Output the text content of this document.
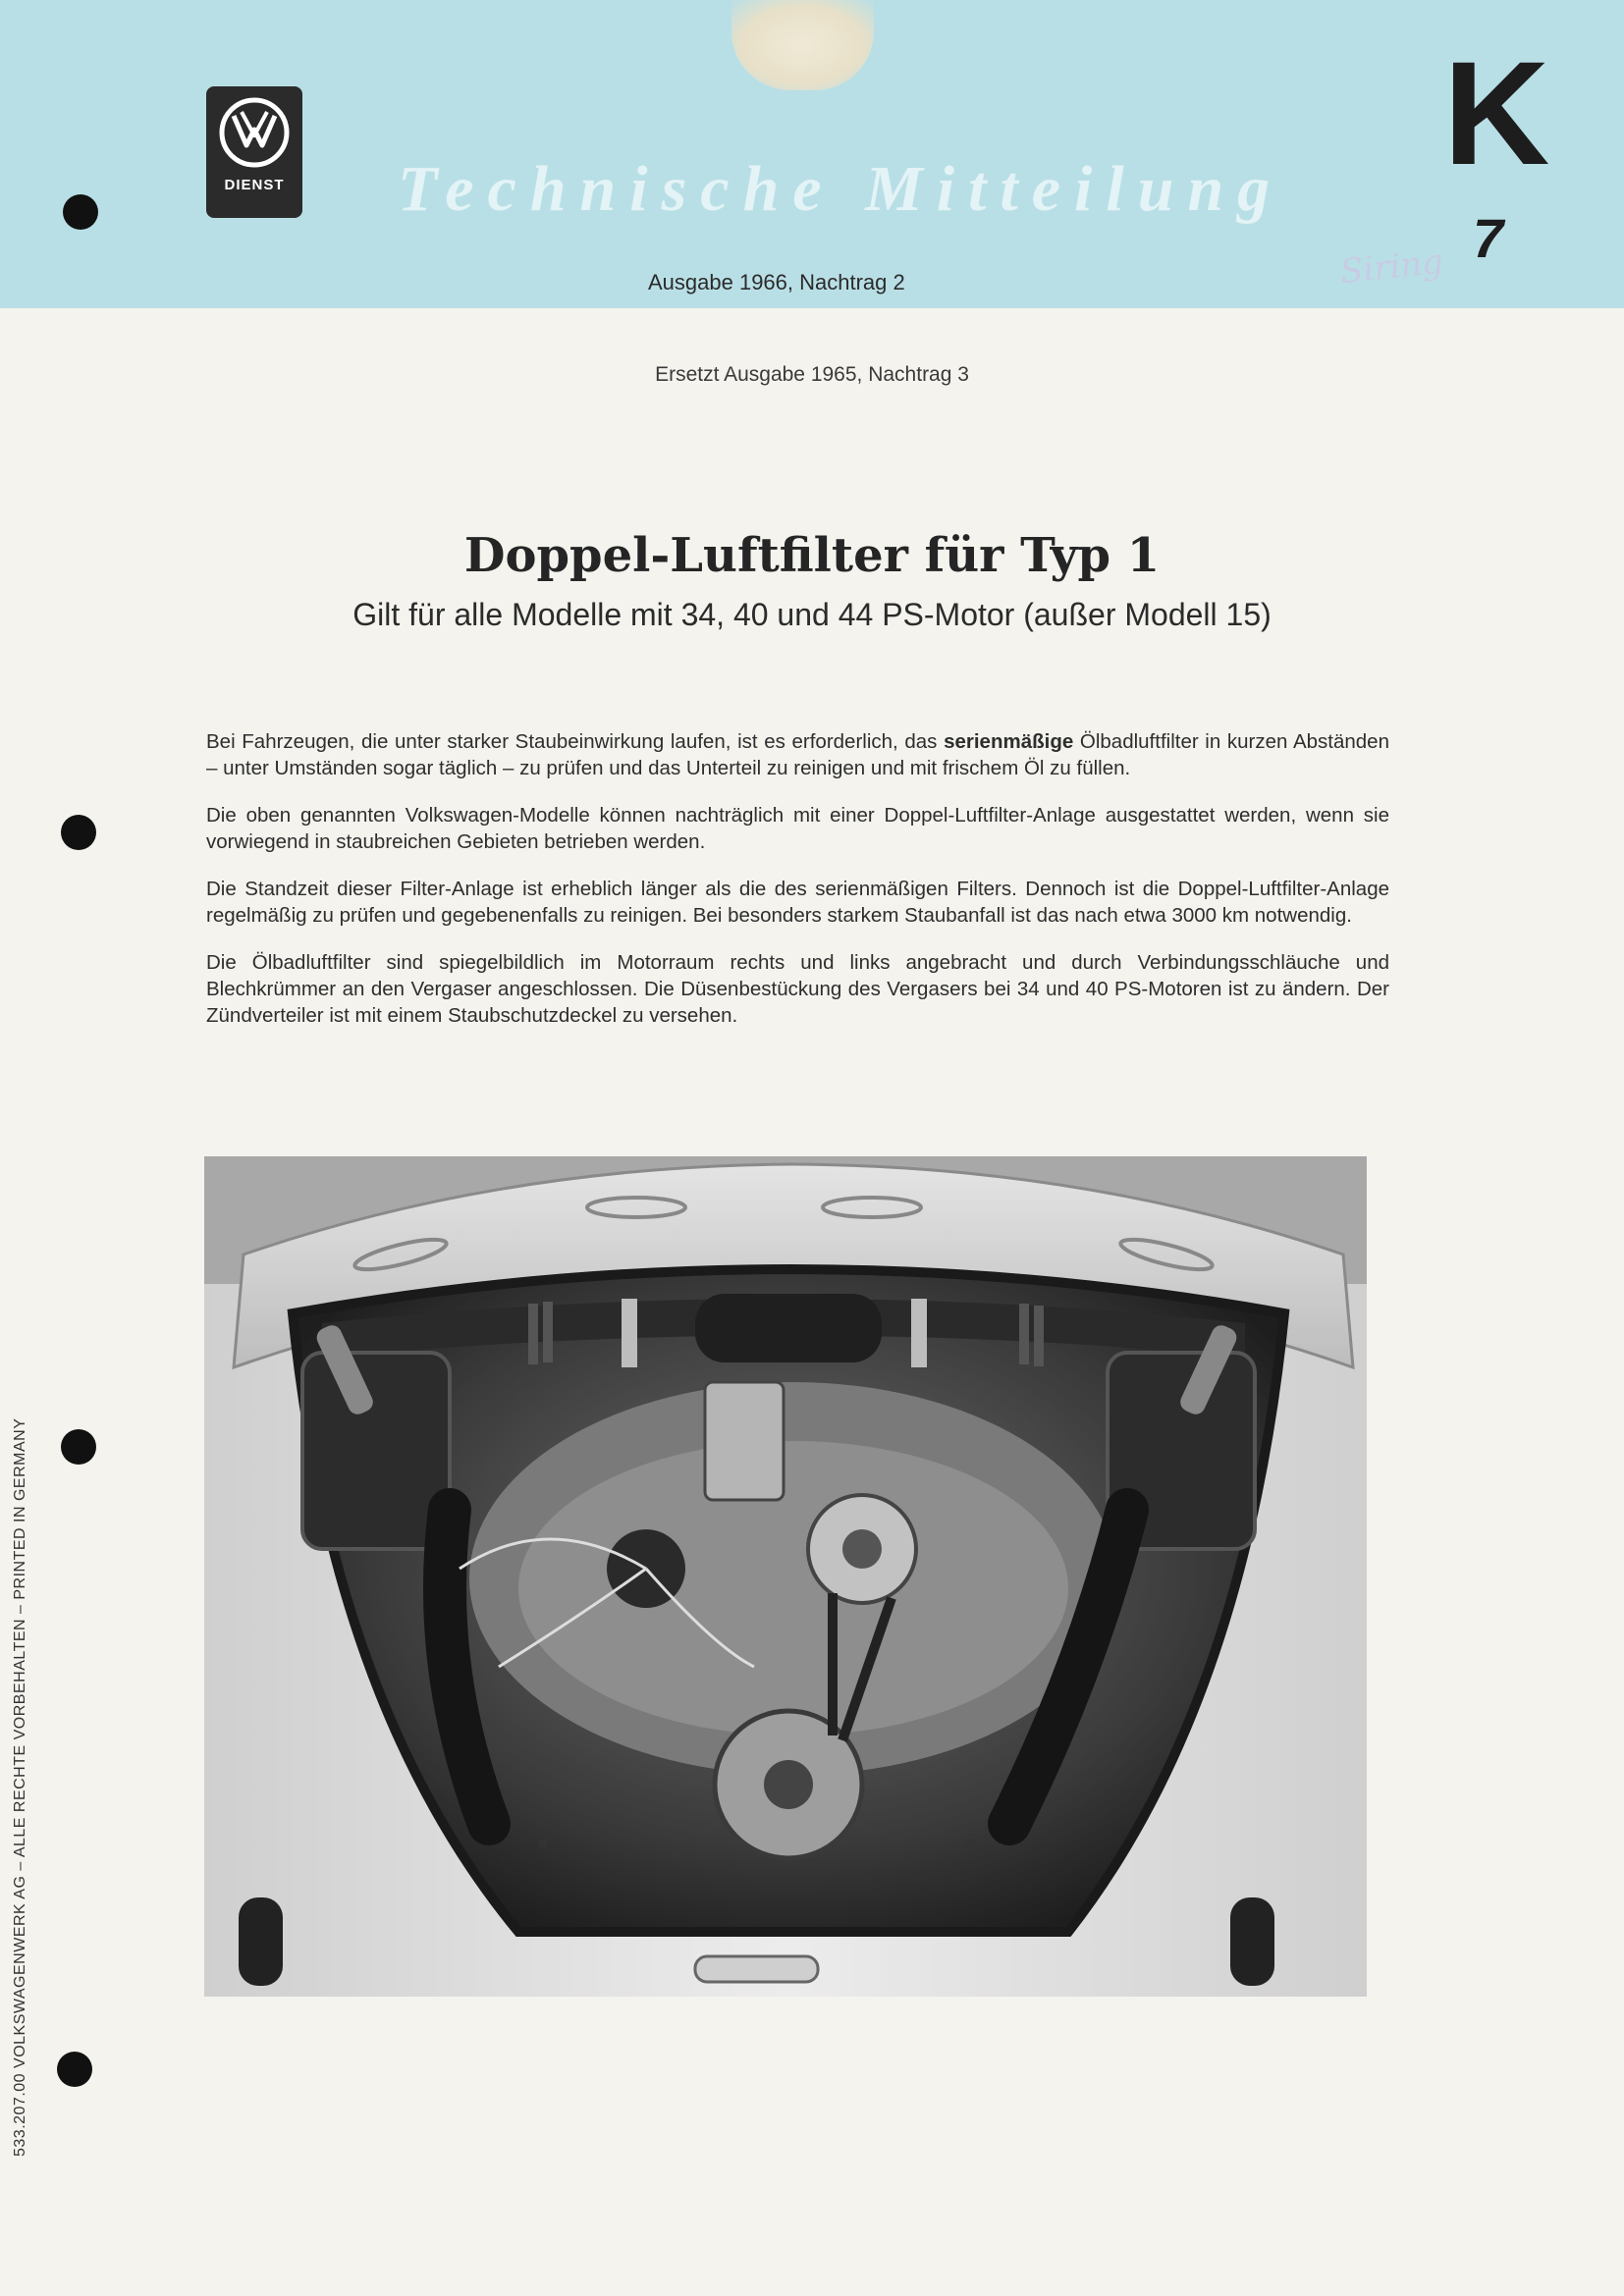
DIENST Technische Mitteilung
Ausgabe 1966, Nachtrag 2
K
7
Siring
Ersetzt Ausgabe 1965, Nachtrag 3
Doppel-Luftfilter für Typ 1
Gilt für alle Modelle mit 34, 40 und 44 PS-Motor (außer Modell 15)

Bei Fahrzeugen, die unter starker Staubeinwirkung laufen, ist es erforderlich, das serienmäßige Ölbadluftfilter in kurzen Abständen – unter Umständen sogar täglich – zu prüfen und das Unterteil zu reinigen und mit frischem Öl zu füllen.

Die oben genannten Volkswagen-Modelle können nachträglich mit einer Doppel-Luftfilter-Anlage ausgestattet werden, wenn sie vorwiegend in staubreichen Gebieten betrieben werden.

Die Standzeit dieser Filter-Anlage ist erheblich länger als die des serienmäßigen Filters. Dennoch ist die Doppel-Luftfilter-Anlage regelmäßig zu prüfen und gegebenenfalls zu reinigen. Bei besonders starkem Staubanfall ist das nach etwa 3000 km notwendig.

Die Ölbadluftfilter sind spiegelbildlich im Motorraum rechts und links angebracht und durch Verbindungsschläuche und Blechkrümmer an den Vergaser angeschlossen. Die Düsenbestückung des Vergasers bei 34 und 40 PS-Motoren ist zu ändern. Der Zündverteiler ist mit einem Staubschutzdeckel zu versehen.

533.207.00 VOLKSWAGENWERK AG – ALLE RECHTE VORBEHALTEN – PRINTED IN GERMANY
